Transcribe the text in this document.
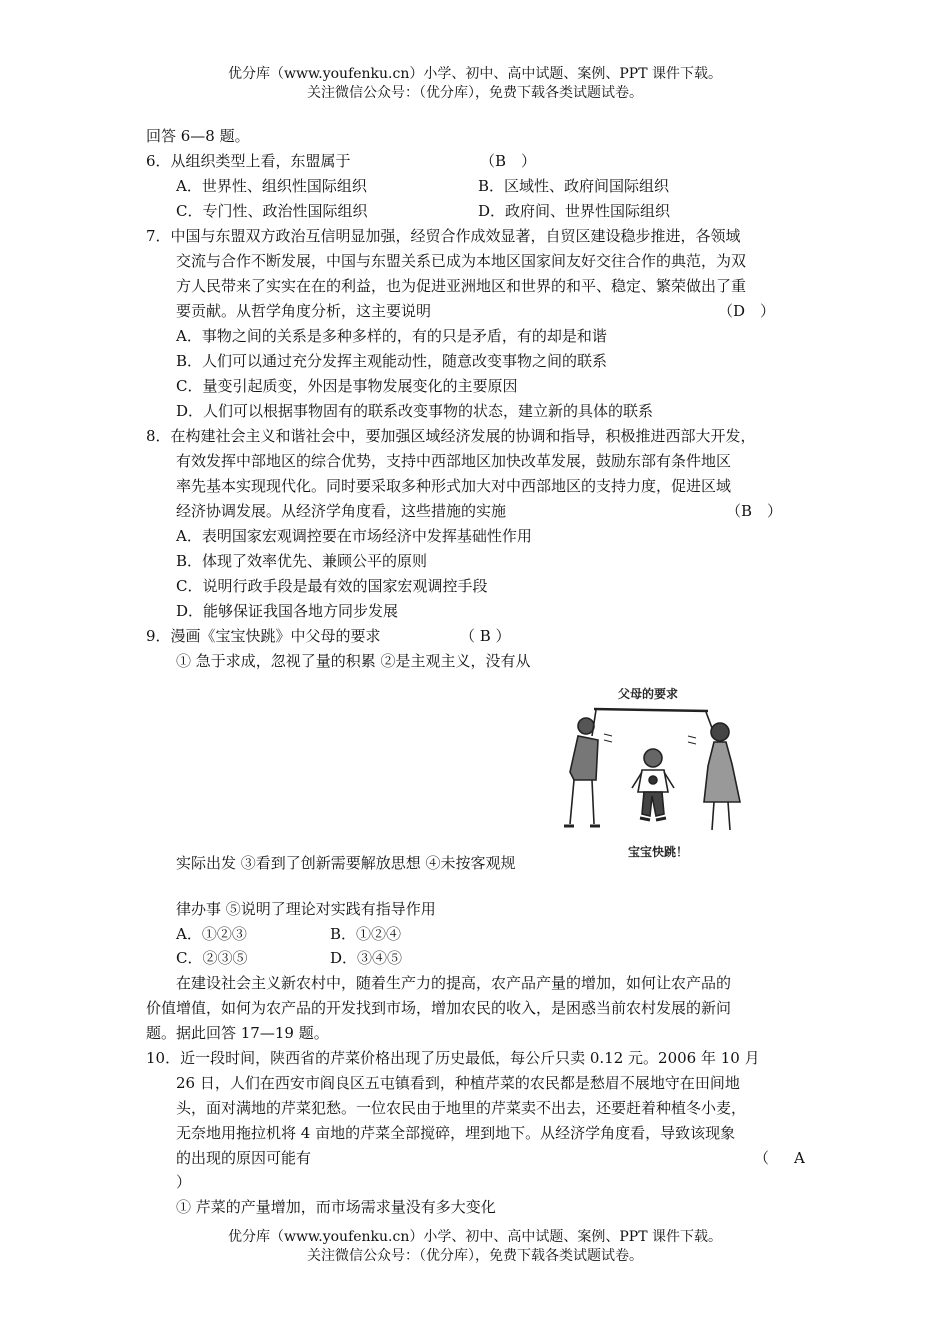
优分库（www.youfenku.cn）小学、初中、高中试题、案例、PPT 课件下载。
关注微信公众号：（优分库），免费下载各类试题试卷。
回答 6—8 题。
6．从组织类型上看，东盟属于	（B　）
A．世界性、组织性国际组织	B．区域性、政府间国际组织
C．专门性、政治性国际组织	D．政府间、世界性国际组织
7．中国与东盟双方政治互信明显加强，经贸合作成效显著，自贸区建设稳步推进，各领域
交流与合作不断发展，中国与东盟关系已成为本地区国家间友好交往合作的典范，为双
方人民带来了实实在在的利益，也为促进亚洲地区和世界的和平、稳定、繁荣做出了重
要贡献。从哲学角度分析，这主要说明	（D　）
A．事物之间的关系是多种多样的，有的只是矛盾，有的却是和谐
B．人们可以通过充分发挥主观能动性，随意改变事物之间的联系
C．量变引起质变，外因是事物发展变化的主要原因
D．人们可以根据事物固有的联系改变事物的状态，建立新的具体的联系
8．在构建社会主义和谐社会中，要加强区域经济发展的协调和指导，积极推进西部大开发，
有效发挥中部地区的综合优势，支持中西部地区加快改革发展，鼓励东部有条件地区
率先基本实现现代化。同时要采取多种形式加大对中西部地区的支持力度，促进区域
经济协调发展。从经济学角度看，这些措施的实施	（B　）
A．表明国家宏观调控要在市场经济中发挥基础性作用
B．体现了效率优先、兼顾公平的原则
C．说明行政手段是最有效的国家宏观调控手段
D．能够保证我国各地方同步发展
9．漫画《宝宝快跳》中父母的要求	（ B ）
① 急于求成，忽视了量的积累 ②是主观主义，没有从
父母的要求
宝宝快跳！
实际出发 ③看到了创新需要解放思想 ④未按客观规
律办事 ⑤说明了理论对实践有指导作用
A．①②③	B．①②④
C．②③⑤	D．③④⑤
在建设社会主义新农村中，随着生产力的提高，农产品产量的增加，如何让农产品的
价值增值，如何为农产品的开发找到市场，增加农民的收入，是困惑当前农村发展的新问
题。据此回答 17—19 题。
10．近一段时间，陕西省的芹菜价格出现了历史最低，每公斤只卖 0.12 元。2006 年 10 月
26 日，人们在西安市阎良区五屯镇看到，种植芹菜的农民都是愁眉不展地守在田间地
头，面对满地的芹菜犯愁。一位农民由于地里的芹菜卖不出去，还要赶着种植冬小麦，
无奈地用拖拉机将 4 亩地的芹菜全部搅碎，埋到地下。从经济学角度看，导致该现象
的出现的原因可能有	（ A
）
① 芹菜的产量增加，而市场需求量没有多大变化
优分库（www.youfenku.cn）小学、初中、高中试题、案例、PPT 课件下载。
关注微信公众号：（优分库），免费下载各类试题试卷。
